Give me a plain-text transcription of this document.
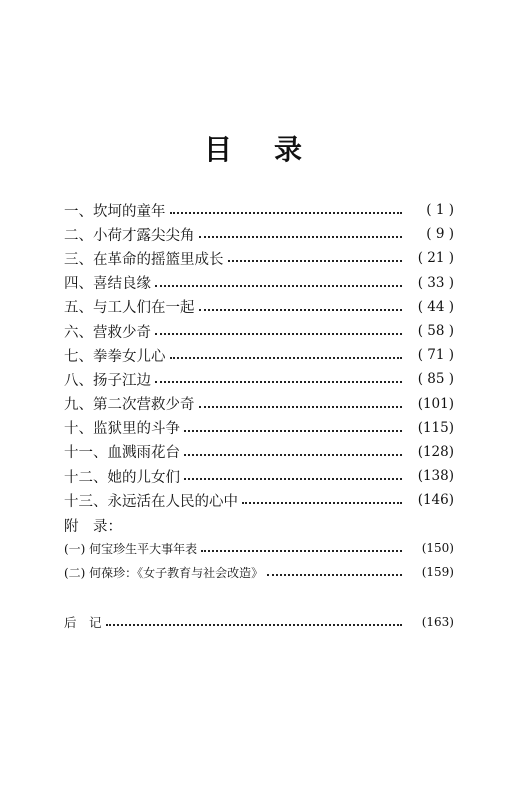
目 录
一、坎坷的童年	( 1 )
二、小荷才露尖尖角	( 9 )
三、在革命的摇篮里成长	( 21 )
四、喜结良缘	( 33 )
五、与工人们在一起	( 44 )
六、营救少奇	( 58 )
七、拳拳女儿心	( 71 )
八、扬子江边	( 85 )
九、第二次营救少奇	(101)
十、监狱里的斗争	(115)
十一、血溅雨花台	(128)
十二、她的儿女们	(138)
十三、永远活在人民的心中	(146)
附　录：
(一) 何宝珍生平大事年表	(150)
(二) 何葆珍：《女子教育与社会改造》	(159)
后　记	(163)
